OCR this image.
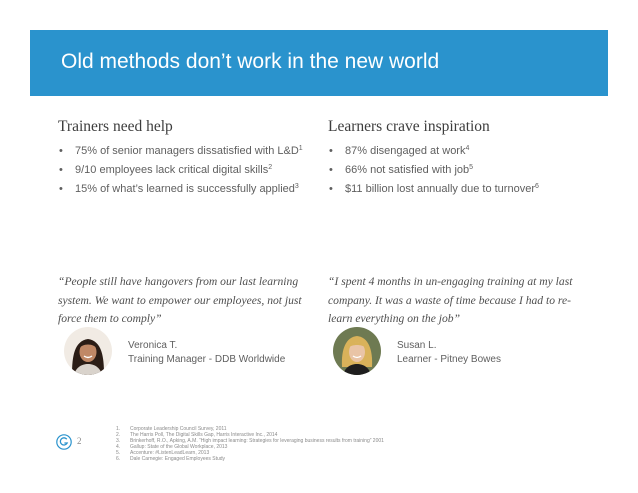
Old methods don’t work in the new world
Trainers need help
• 75% of senior managers dissatisfied with $L\&D^1$
• 9/10 employees lack critical digital skills$^2$
• 15% of what’s learned is successfully applied$^3$
Learners crave inspiration
• 87% disengaged at work$^4$
• 66% not satisfied with job$^5$
• $11 billion lost annually due to turnover$^6$

“People still have hangovers from our last learning system. We want to empower our employees, not just force them to comply”

“I spent 4 months in un-engaging training at my last company. It was a waste of time because I had to re-learn everything on the job”

Veronica T.
Training Manager - DDB Worldwide
Susan L.
Learner - Pitney Bowes
2
1. Corporate Leadership Council Survey, 2011
2. The Harris Poll, The Digital Skills Gap, Harris Interactive Inc., 2014
3. Brinkerhoff, R.O., Apking, A.M. “High impact learning: Strategies for leveraging business results from training” 2001
4. Gallup: State of the Global Workplace, 2013
5. Accenture: #ListenLeadLearn, 2013
6. Dale Carnegie: Engaged Employees Study
